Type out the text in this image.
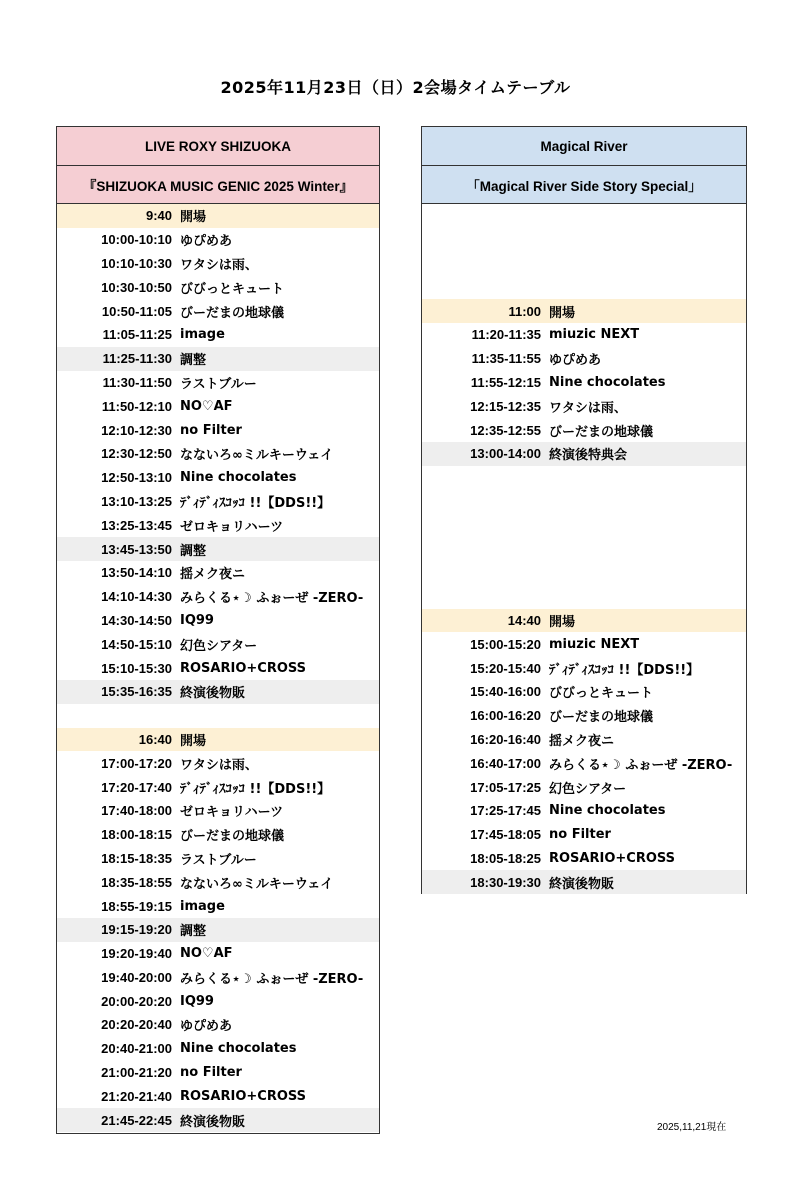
2025年11月23日（日）2会場タイムテーブル
LIVE ROXY SHIZUOKA
『SHIZUOKA MUSIC GENIC 2025 Winter』
9:40 開場
10:00-10:10 ゆぴめあ
10:10-10:30 ワタシは雨、
10:30-10:50 びびっとキュート
10:50-11:05 びーだまの地球儀
11:05-11:25 image
11:25-11:30 調整
11:30-11:50 ラストブルー
11:50-12:10 NO♡AF
12:10-12:30 no Filter
12:30-12:50 なないろ∞ミルキーウェイ
12:50-13:10 Nine chocolates
13:10-13:25 ﾃﾞｨﾃﾞｨｽｺｯｺ !!【DDS!!】
13:25-13:45 ゼロキョリハーツ
13:45-13:50 調整
13:50-14:10 揺メク夜ニ
14:10-14:30 みらくる⋆☽ ふぉーぜ -ZERO-
14:30-14:50 IQ99
14:50-15:10 幻色シアター
15:10-15:30 ROSARIO+CROSS
15:35-16:35 終演後物販
16:40 開場
17:00-17:20 ワタシは雨、
17:20-17:40 ﾃﾞｨﾃﾞｨｽｺｯｺ !!【DDS!!】
17:40-18:00 ゼロキョリハーツ
18:00-18:15 びーだまの地球儀
18:15-18:35 ラストブルー
18:35-18:55 なないろ∞ミルキーウェイ
18:55-19:15 image
19:15-19:20 調整
19:20-19:40 NO♡AF
19:40-20:00 みらくる⋆☽ ふぉーぜ -ZERO-
20:00-20:20 IQ99
20:20-20:40 ゆぴめあ
20:40-21:00 Nine chocolates
21:00-21:20 no Filter
21:20-21:40 ROSARIO+CROSS
21:45-22:45 終演後物販
Magical River
「Magical River Side Story Special」
11:00 開場
11:20-11:35 miuzic NEXT
11:35-11:55 ゆぴめあ
11:55-12:15 Nine chocolates
12:15-12:35 ワタシは雨、
12:35-12:55 びーだまの地球儀
13:00-14:00 終演後特典会
14:40 開場
15:00-15:20 miuzic NEXT
15:20-15:40 ﾃﾞｨﾃﾞｨｽｺｯｺ !!【DDS!!】
15:40-16:00 びびっとキュート
16:00-16:20 びーだまの地球儀
16:20-16:40 揺メク夜ニ
16:40-17:00 みらくる⋆☽ ふぉーぜ -ZERO-
17:05-17:25 幻色シアター
17:25-17:45 Nine chocolates
17:45-18:05 no Filter
18:05-18:25 ROSARIO+CROSS
18:30-19:30 終演後物販
2025,11,21現在
